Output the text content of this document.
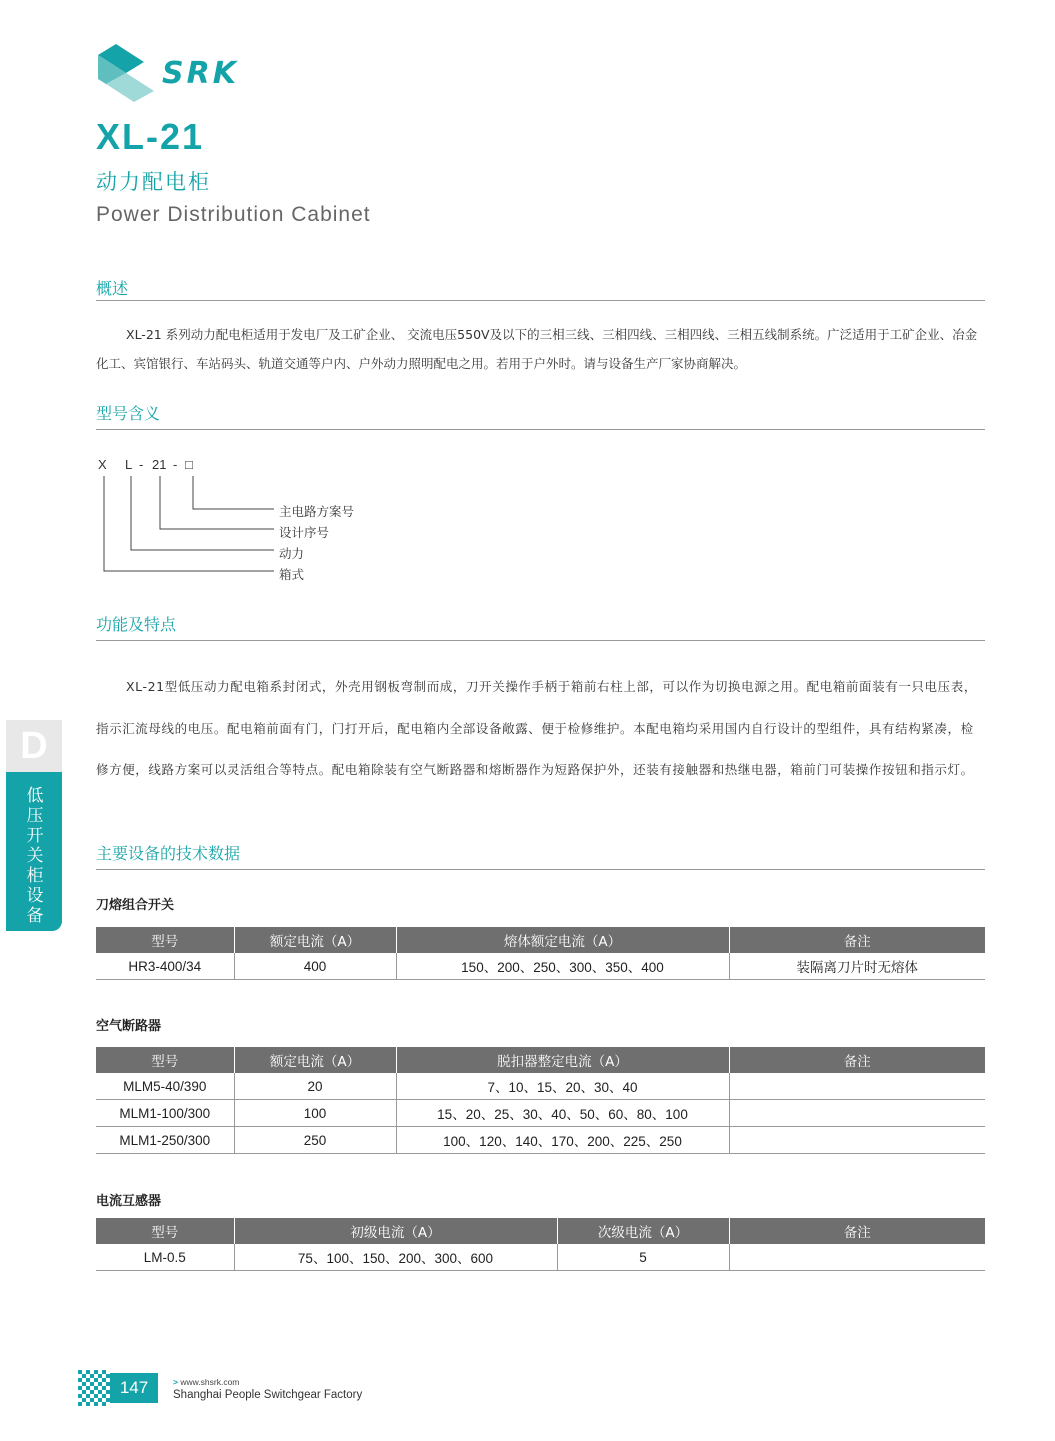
SRK
XL-21
动力配电柜
Power Distribution Cabinet
概述
XL-21 系列动力配电柜适用于发电厂及工矿企业、 交流电压550V及以下的三相三线、三相四线、三相四线、三相五线制系统。广泛适用于工矿企业、冶金化工、宾馆银行、车站码头、轨道交通等户内、户外动力照明配电之用。若用于户外时。请与设备生产厂家协商解决。
型号含义
X L - 21 - □
主电路方案号
设计序号
动力
箱式
功能及特点
XL-21型低压动力配电箱系封闭式，外壳用钢板弯制而成，刀开关操作手柄于箱前右柱上部，可以作为切换电源之用。配电箱前面装有一只电压表，指示汇流母线的电压。配电箱前面有门，门打开后，配电箱内全部设备敞露、便于检修维护。本配电箱均采用国内自行设计的型组件，具有结构紧凑，检修方便，线路方案可以灵活组合等特点。配电箱除装有空气断路器和熔断器作为短路保护外，还装有接触器和热继电器，箱前门可装操作按钮和指示灯。
主要设备的技术数据
刀熔组合开关
型号	额定电流（A）	熔体额定电流（A）	备注
HR3-400/34	400	150、200、250、300、350、400	装隔离刀片时无熔体
空气断路器
型号	额定电流（A）	脱扣器整定电流（A）	备注
MLM5-40/390	20	7、10、15、20、30、40	
MLM1-100/300	100	15、20、25、30、40、50、60、80、100	
MLM1-250/300	250	100、120、140、170、200、225、250	
电流互感器
型号	初级电流（A）	次级电流（A）	备注
LM-0.5	75、100、150、200、300、600	5	
D
低压开关柜设备
147	> www.shsrk.com
Shanghai People Switchgear Factory
